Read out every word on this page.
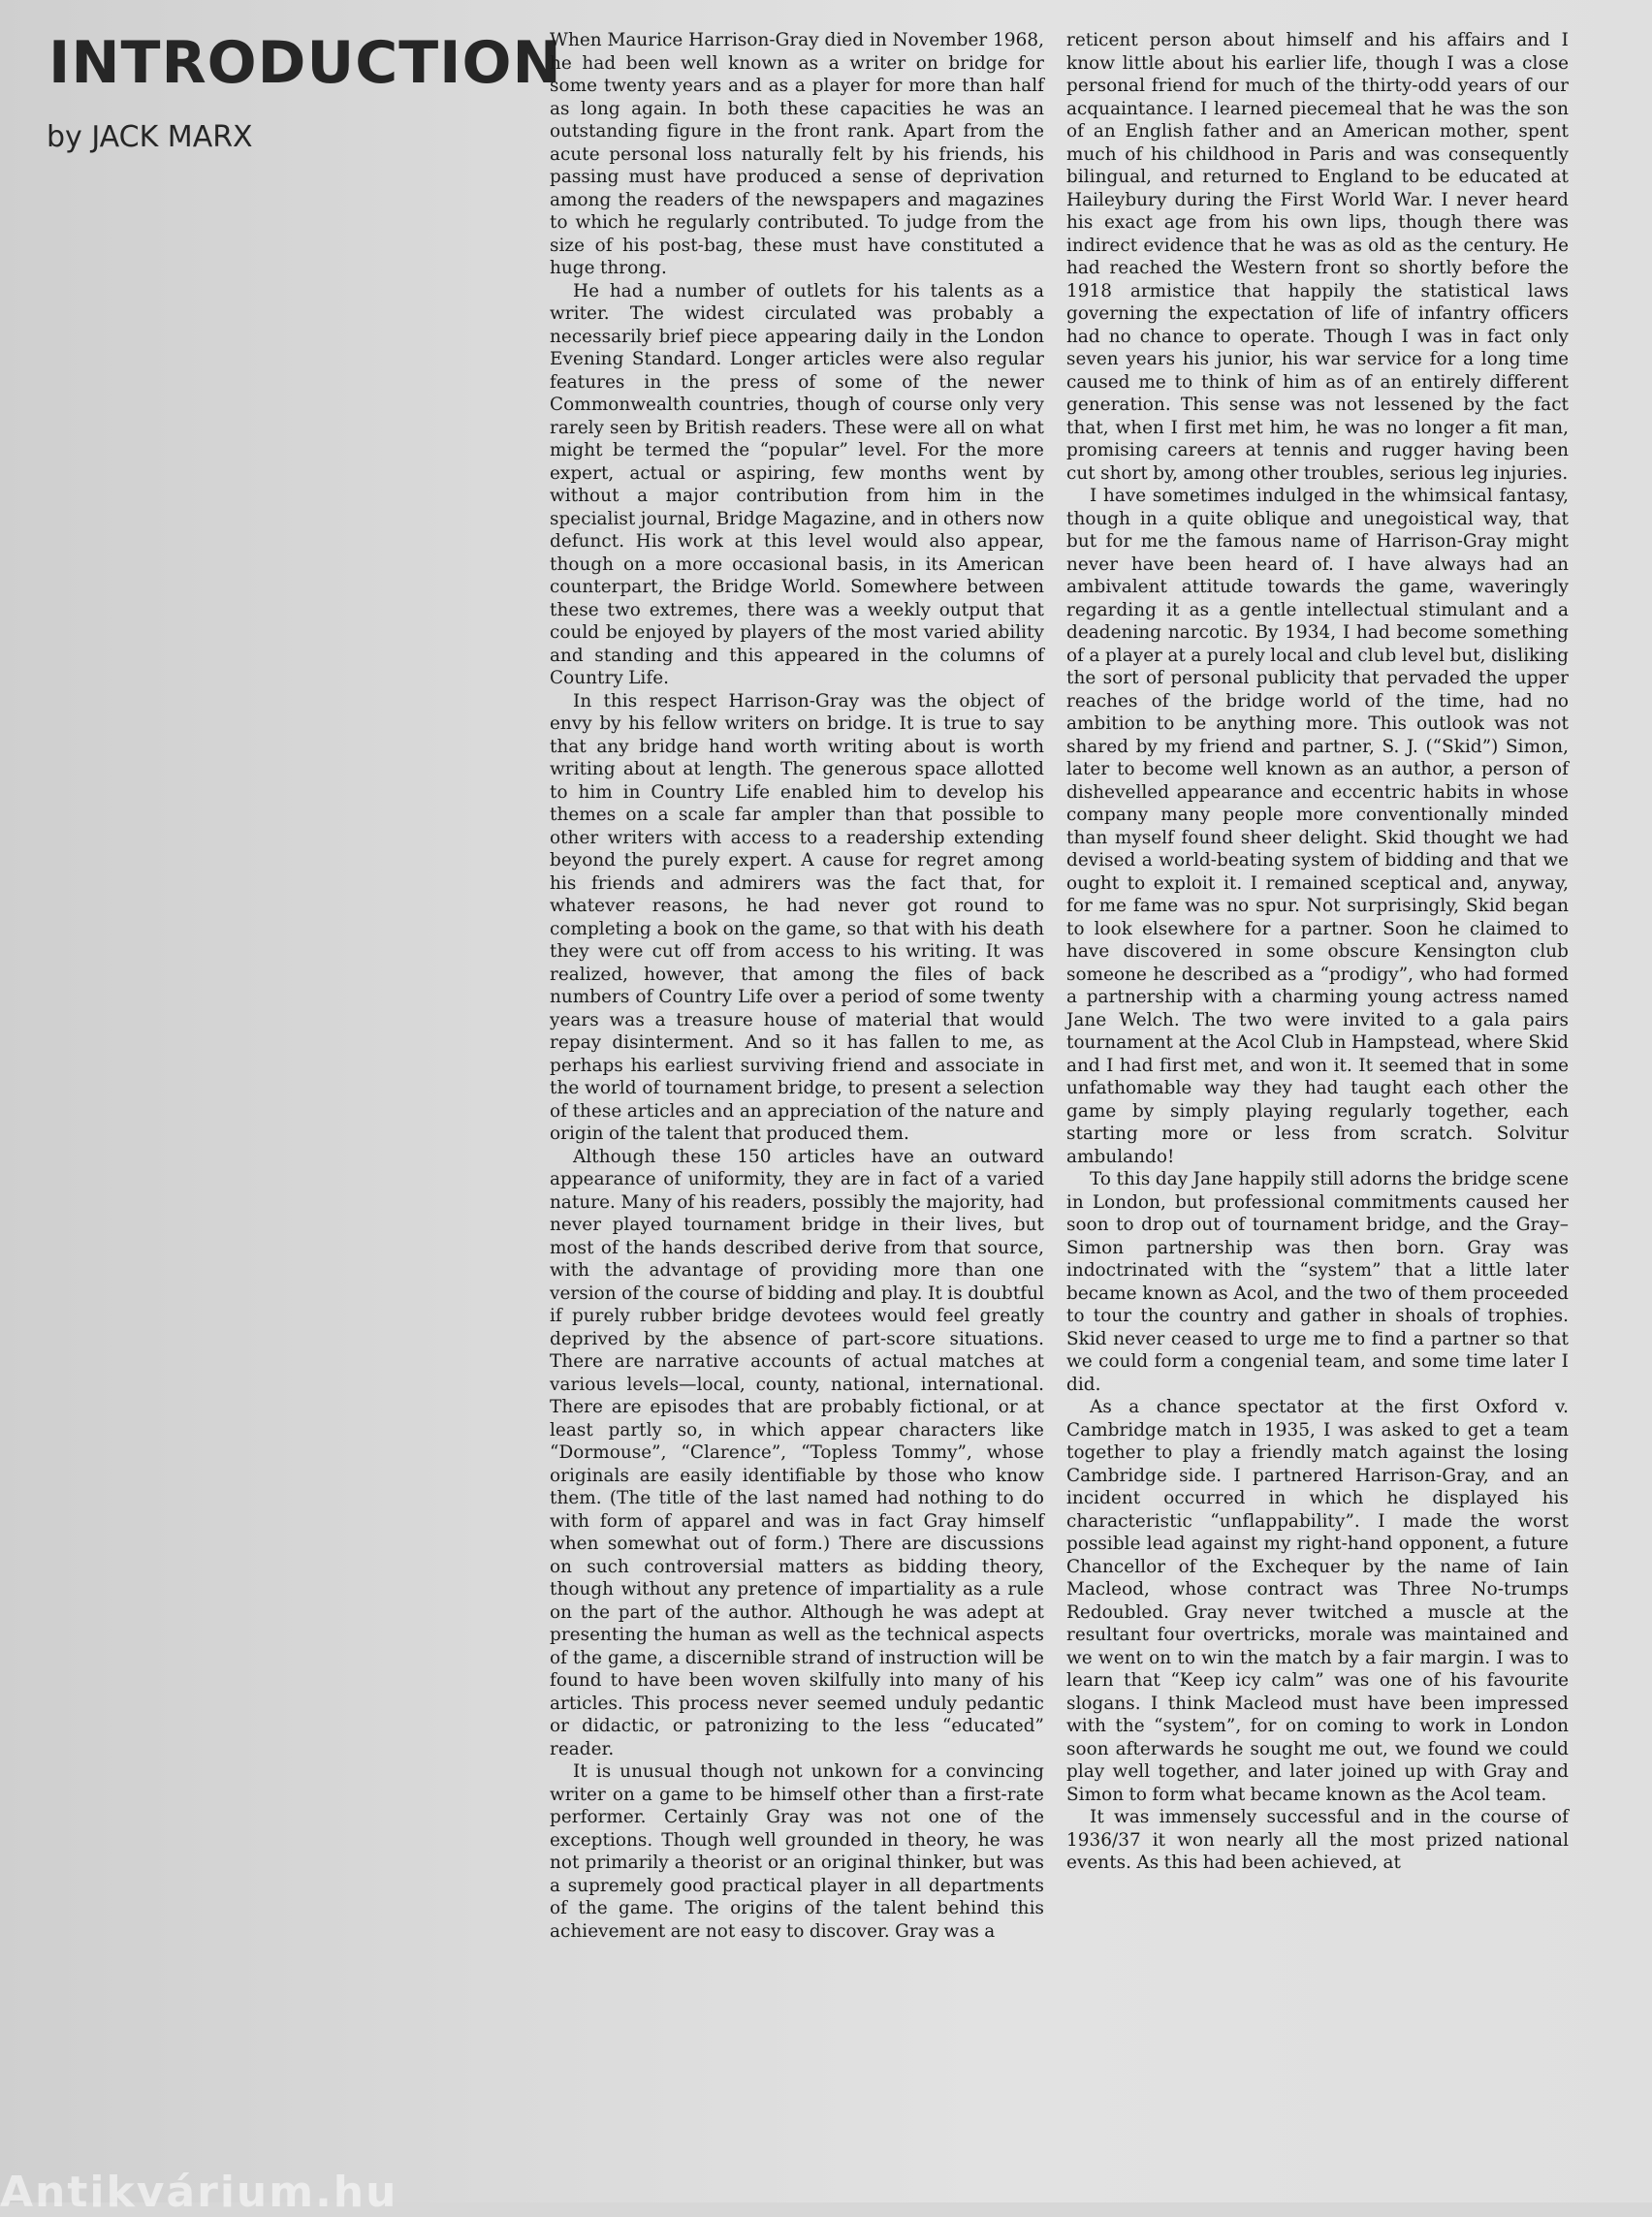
INTRODUCTION
by JACK MARX

When Maurice Harrison-Gray died in November 1968, he had been well known as a writer on bridge for some twenty years and as a player for more than half as long again. In both these capacities he was an outstanding figure in the front rank. Apart from the acute personal loss naturally felt by his friends, his passing must have produced a sense of deprivation among the readers of the newspapers and magazines to which he regularly contributed. To judge from the size of his post-bag, these must have constituted a huge throng.

He had a number of outlets for his talents as a writer. The widest circulated was probably a necessarily brief piece appearing daily in the London Evening Standard. Longer articles were also regular features in the press of some of the newer Commonwealth countries, though of course only very rarely seen by British readers. These were all on what might be termed the “popular” level. For the more expert, actual or aspiring, few months went by without a major contribution from him in the specialist journal, Bridge Magazine, and in others now defunct. His work at this level would also appear, though on a more occasional basis, in its American counterpart, the Bridge World. Somewhere between these two extremes, there was a weekly output that could be enjoyed by players of the most varied ability and standing and this appeared in the columns of Country Life.

In this respect Harrison-Gray was the object of envy by his fellow writers on bridge. It is true to say that any bridge hand worth writing about is worth writing about at length. The generous space allotted to him in Country Life enabled him to develop his themes on a scale far ampler than that possible to other writers with access to a readership extending beyond the purely expert. A cause for regret among his friends and admirers was the fact that, for whatever reasons, he had never got round to completing a book on the game, so that with his death they were cut off from access to his writing. It was realized, however, that among the files of back numbers of Country Life over a period of some twenty years was a treasure house of material that would repay disinterment. And so it has fallen to me, as perhaps his earliest surviving friend and associate in the world of tournament bridge, to present a selection of these articles and an appreciation of the nature and origin of the talent that produced them.

Although these 150 articles have an outward appearance of uniformity, they are in fact of a varied nature. Many of his readers, possibly the majority, had never played tournament bridge in their lives, but most of the hands described derive from that source, with the advantage of providing more than one version of the course of bidding and play. It is doubtful if purely rubber bridge devotees would feel greatly deprived by the absence of part-score situations. There are narrative accounts of actual matches at various levels—local, county, national, international. There are episodes that are probably fictional, or at least partly so, in which appear characters like “Dormouse”, “Clarence”, “Topless Tommy”, whose originals are easily identifiable by those who know them. (The title of the last named had nothing to do with form of apparel and was in fact Gray himself when somewhat out of form.) There are discussions on such controversial matters as bidding theory, though without any pretence of impartiality as a rule on the part of the author. Although he was adept at presenting the human as well as the technical aspects of the game, a discernible strand of instruction will be found to have been woven skilfully into many of his articles. This process never seemed unduly pedantic or didactic, or patronizing to the less “educated” reader.

It is unusual though not unkown for a convincing writer on a game to be himself other than a first-rate performer. Certainly Gray was not one of the exceptions. Though well grounded in theory, he was not primarily a theorist or an original thinker, but was a supremely good practical player in all departments of the game. The origins of the talent behind this achievement are not easy to discover. Gray was a

reticent person about himself and his affairs and I know little about his earlier life, though I was a close personal friend for much of the thirty-odd years of our acquaintance. I learned piecemeal that he was the son of an English father and an American mother, spent much of his childhood in Paris and was consequently bilingual, and returned to England to be educated at Haileybury during the First World War. I never heard his exact age from his own lips, though there was indirect evidence that he was as old as the century. He had reached the Western front so shortly before the 1918 armistice that happily the statistical laws governing the expectation of life of infantry officers had no chance to operate. Though I was in fact only seven years his junior, his war service for a long time caused me to think of him as of an entirely different generation. This sense was not lessened by the fact that, when I first met him, he was no longer a fit man, promising careers at tennis and rugger having been cut short by, among other troubles, serious leg injuries.

I have sometimes indulged in the whimsical fantasy, though in a quite oblique and unegoistical way, that but for me the famous name of Harrison-Gray might never have been heard of. I have always had an ambivalent attitude towards the game, waveringly regarding it as a gentle intellectual stimulant and a deadening narcotic. By 1934, I had become something of a player at a purely local and club level but, disliking the sort of personal publicity that pervaded the upper reaches of the bridge world of the time, had no ambition to be anything more. This outlook was not shared by my friend and partner, S. J. (“Skid”) Simon, later to become well known as an author, a person of dishevelled appearance and eccentric habits in whose company many people more conventionally minded than myself found sheer delight. Skid thought we had devised a world-beating system of bidding and that we ought to exploit it. I remained sceptical and, anyway, for me fame was no spur. Not surprisingly, Skid began to look elsewhere for a partner. Soon he claimed to have discovered in some obscure Kensington club someone he described as a “prodigy”, who had formed a partnership with a charming young actress named Jane Welch. The two were invited to a gala pairs tournament at the Acol Club in Hampstead, where Skid and I had first met, and won it. It seemed that in some unfathomable way they had taught each other the game by simply playing regularly together, each starting more or less from scratch. Solvitur ambulando!

To this day Jane happily still adorns the bridge scene in London, but professional commitments caused her soon to drop out of tournament bridge, and the Gray–Simon partnership was then born. Gray was indoctrinated with the “system” that a little later became known as Acol, and the two of them proceeded to tour the country and gather in shoals of trophies. Skid never ceased to urge me to find a partner so that we could form a congenial team, and some time later I did.

As a chance spectator at the first Oxford v. Cambridge match in 1935, I was asked to get a team together to play a friendly match against the losing Cambridge side. I partnered Harrison-Gray, and an incident occurred in which he displayed his characteristic “unflappability”. I made the worst possible lead against my right-hand opponent, a future Chancellor of the Exchequer by the name of Iain Macleod, whose contract was Three No-trumps Redoubled. Gray never twitched a muscle at the resultant four overtricks, morale was maintained and we went on to win the match by a fair margin. I was to learn that “Keep icy calm” was one of his favourite slogans. I think Macleod must have been impressed with the “system”, for on coming to work in London soon afterwards he sought me out, we found we could play well together, and later joined up with Gray and Simon to form what became known as the Acol team.

It was immensely successful and in the course of 1936/37 it won nearly all the most prized national events. As this had been achieved, at

Antikvárium.hu
